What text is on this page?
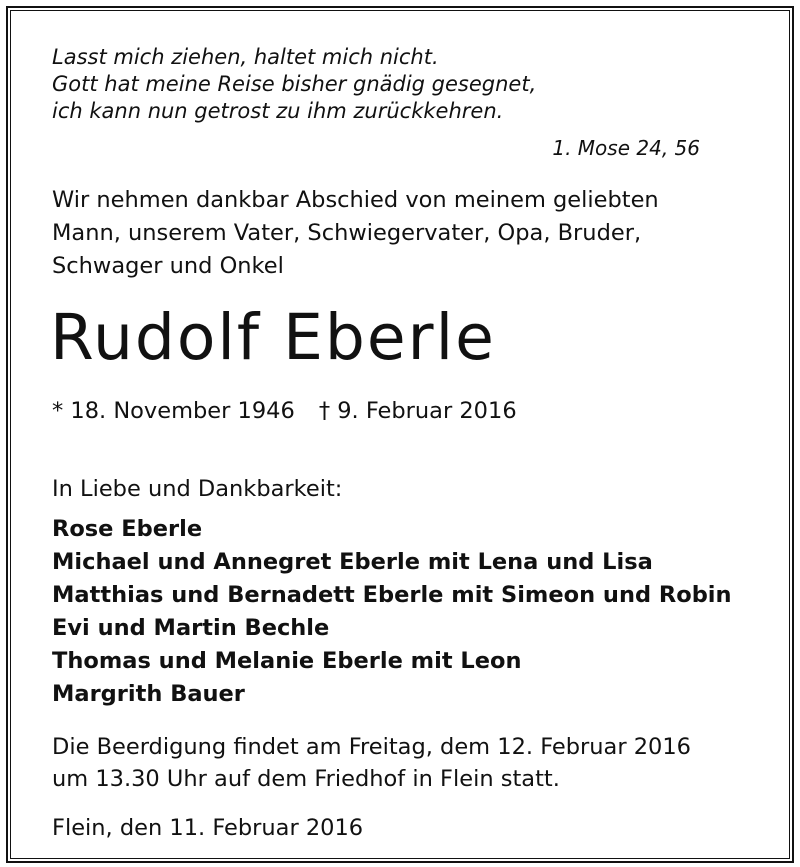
Lasst mich ziehen, haltet mich nicht.

Gott hat meine Reise bisher gnädig gesegnet,

ich kann nun getrost zu ihm zurückkehren.

1. Mose 24, 56

Wir nehmen dankbar Abschied von meinem geliebten

Mann, unserem Vater, Schwiegervater, Opa, Bruder,

Schwager und Onkel

Rudolf Eberle

* 18. November 1946 † 9. Februar 2016

In Liebe und Dankbarkeit:

Rose Eberle

Michael und Annegret Eberle mit Lena und Lisa

Matthias und Bernadett Eberle mit Simeon und Robin

Evi und Martin Bechle

Thomas und Melanie Eberle mit Leon

Margrith Bauer

Die Beerdigung findet am Freitag, dem 12. Februar 2016

um 13.30 Uhr auf dem Friedhof in Flein statt.

Flein, den 11. Februar 2016
